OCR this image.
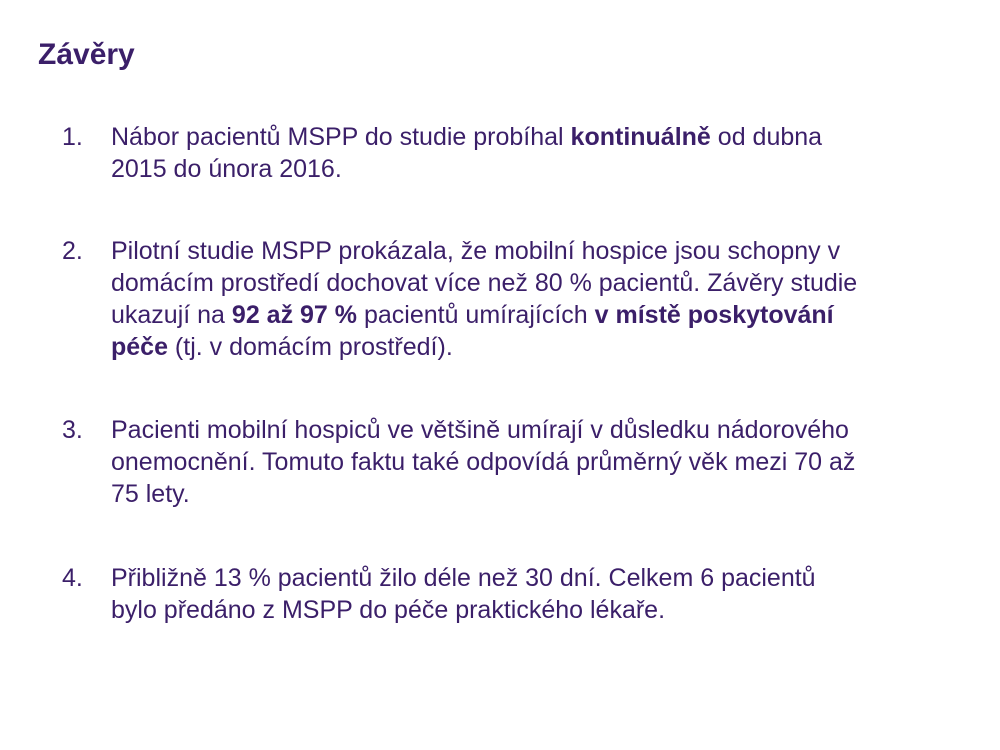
Závěry
1. Nábor pacientů MSPP do studie probíhal kontinuálně od dubna
2015 do února 2016.

2. Pilotní studie MSPP prokázala, že mobilní hospice jsou schopny v
domácím prostředí dochovat více než 80 % pacientů. Závěry studie
ukazují na 92 až 97 % pacientů umírajících v místě poskytování
péče (tj. v domácím prostředí).

3. Pacienti mobilní hospiců ve většině umírají v důsledku nádorového
onemocnění. Tomuto faktu také odpovídá průměrný věk mezi 70 až
75 lety.

4. Přibližně 13 % pacientů žilo déle než 30 dní. Celkem 6 pacientů
bylo předáno z MSPP do péče praktického lékaře.
